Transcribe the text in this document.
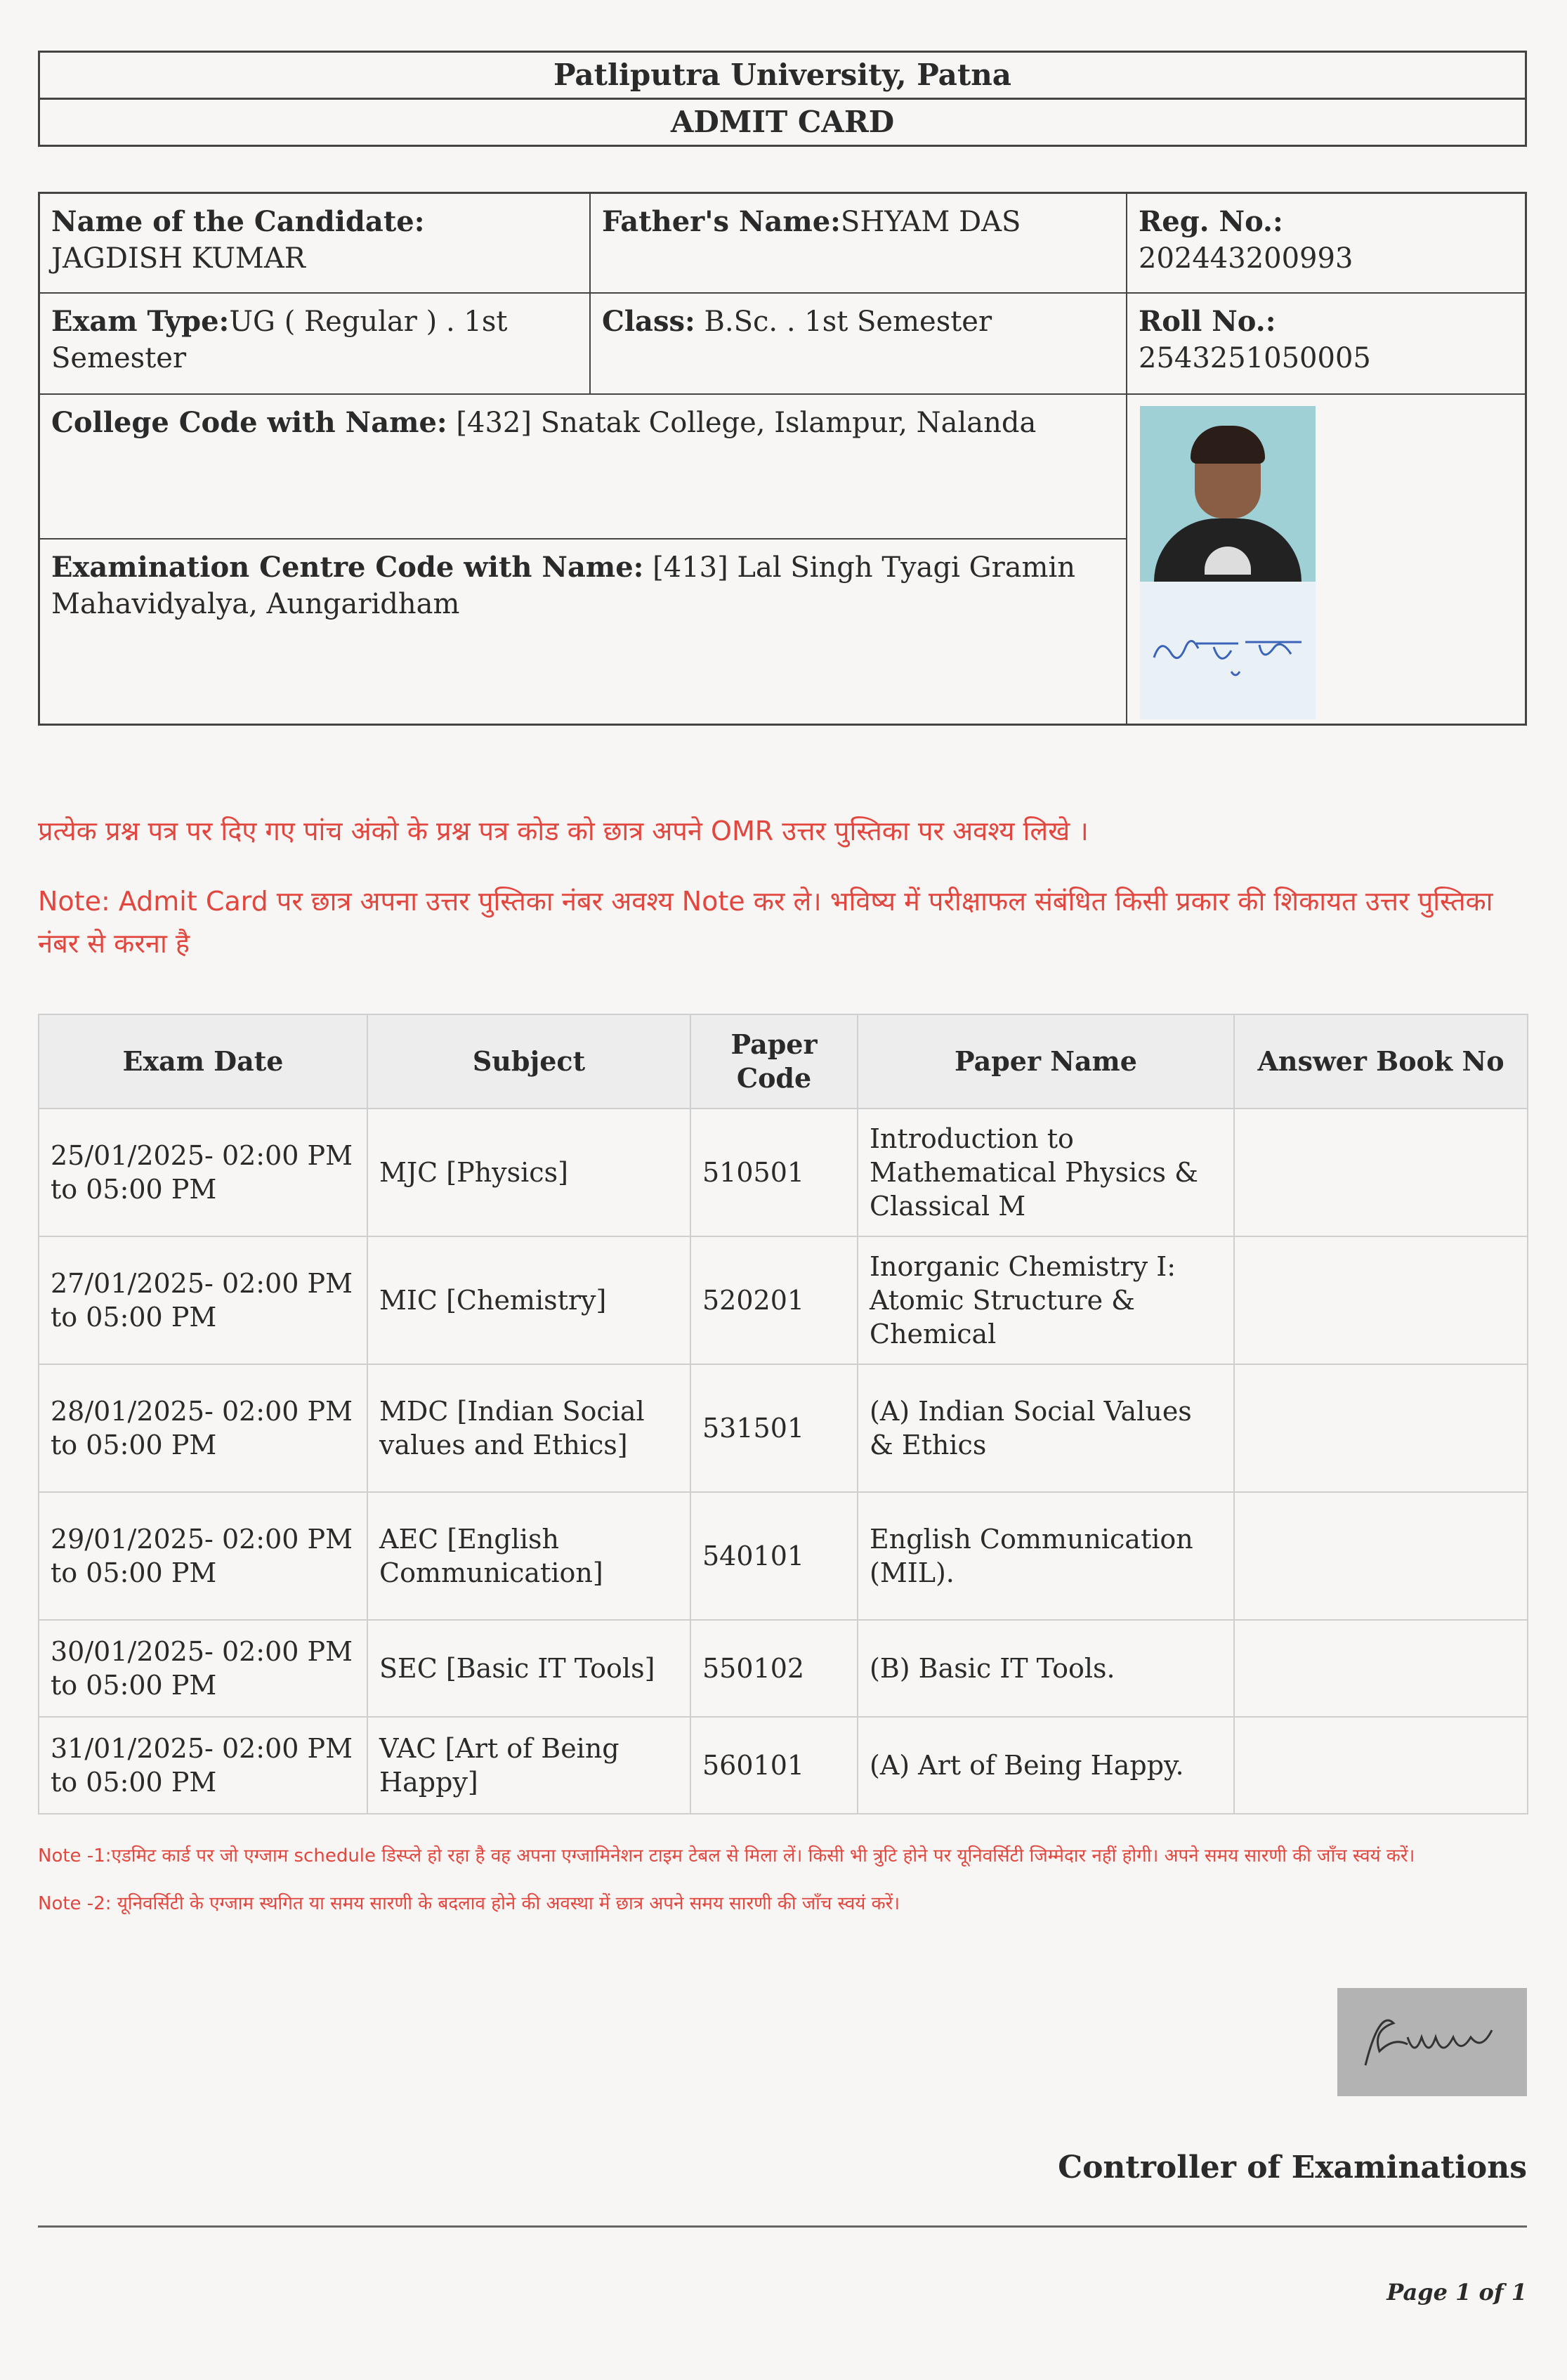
Patliputra University, Patna
ADMIT CARD
Name of the Candidate:
JAGDISH KUMAR
Father's Name:SHYAM DAS	Reg. No.:
202443200993
Exam Type:UG ( Regular ) . 1st Semester
Class: B.Sc. . 1st Semester	Roll No.:
2543251050005
College Code with Name: [432] Snatak College, Islampur, Nalanda
Examination Centre Code with Name: [413] Lal Singh Tyagi Gramin Mahavidyalya, Aungaridham
प्रत्येक प्रश्न पत्र पर दिए गए पांच अंको के प्रश्न पत्र कोड को छात्र अपने OMR उत्तर पुस्तिका पर अवश्य लिखे ।
Note: Admit Card पर छात्र अपना उत्तर पुस्तिका नंबर अवश्य Note कर ले। भविष्य में परीक्षाफल संबंधित किसी प्रकार की शिकायत उत्तर पुस्तिका नंबर से करना है
Exam Date	Subject	Paper Code	Paper Name	Answer Book No
25/01/2025- 02:00 PM to 05:00 PM	MJC [Physics]	510501	Introduction to Mathematical Physics & Classical M	
27/01/2025- 02:00 PM to 05:00 PM	MIC [Chemistry]	520201	Inorganic Chemistry I: Atomic Structure & Chemical	
28/01/2025- 02:00 PM to 05:00 PM	MDC [Indian Social values and Ethics]	531501	(A) Indian Social Values & Ethics	
29/01/2025- 02:00 PM to 05:00 PM	AEC [English Communication]	540101	English Communication (MIL).	
30/01/2025- 02:00 PM to 05:00 PM	SEC [Basic IT Tools]	550102	(B) Basic IT Tools.	
31/01/2025- 02:00 PM to 05:00 PM	VAC [Art of Being Happy]	560101	(A) Art of Being Happy.	
Note -1:एडमिट कार्ड पर जो एग्जाम schedule डिस्प्ले हो रहा है वह अपना एग्जामिनेशन टाइम टेबल से मिला लें। किसी भी त्रुटि होने पर यूनिवर्सिटी जिम्मेदार नहीं होगी। अपने समय सारणी की जाँच स्वयं करें।
Note -2: यूनिवर्सिटी के एग्जाम स्थगित या समय सारणी के बदलाव होने की अवस्था में छात्र अपने समय सारणी की जाँच स्वयं करें।
Controller of Examinations
Page 1 of 1
